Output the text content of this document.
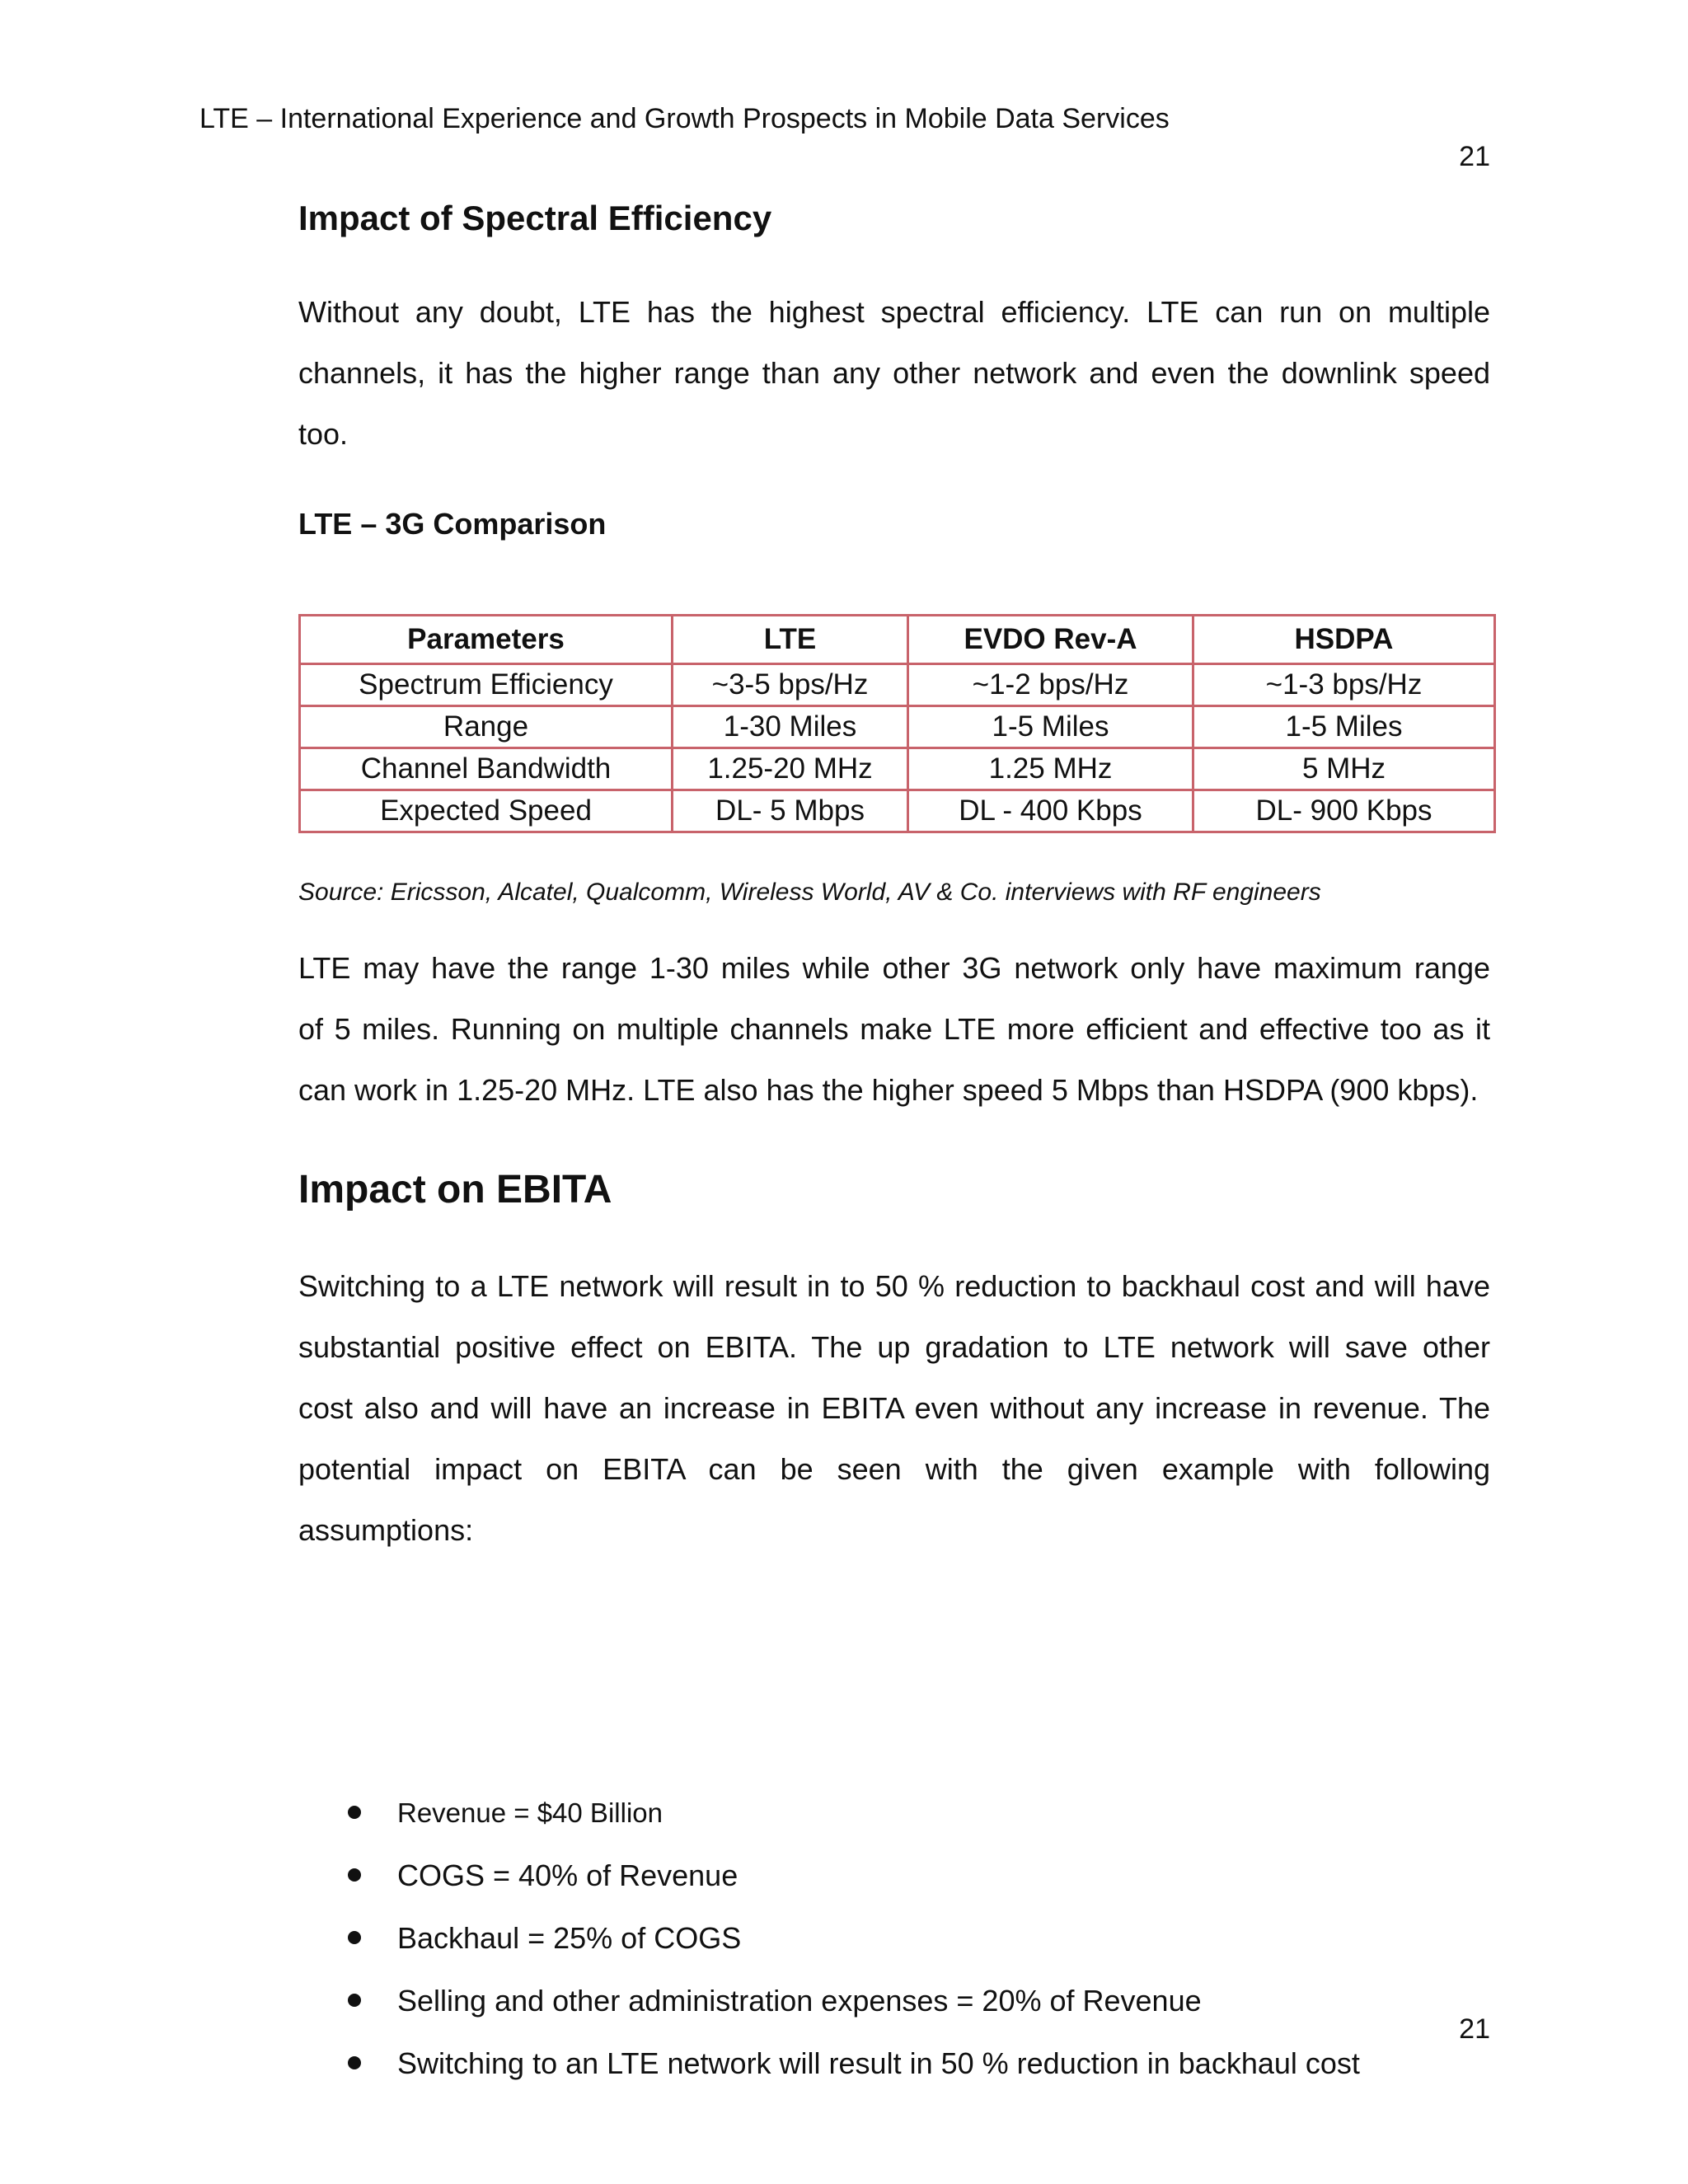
LTE – International Experience and Growth Prospects in Mobile Data Services
21
Impact of Spectral Efficiency
Without any doubt, LTE has the highest spectral efficiency. LTE can run on multiple
channels, it has the higher range than any other network and even the downlink speed
too.
LTE – 3G Comparison
Parameters	LTE	EVDO Rev-A	HSDPA
Spectrum Efficiency	~3-5 bps/Hz	~1-2 bps/Hz	~1-3 bps/Hz
Range	1-30 Miles	1-5 Miles	1-5 Miles
Channel Bandwidth	1.25-20 MHz	1.25 MHz	5 MHz
Expected Speed	DL- 5 Mbps	DL - 400 Kbps	DL- 900 Kbps
Source: Ericsson, Alcatel, Qualcomm, Wireless World, AV & Co. interviews with RF engineers
LTE may have the range 1-30 miles while other 3G network only have maximum range
of 5 miles. Running on multiple channels make LTE more efficient and effective too as it
can work in 1.25-20 MHz. LTE also has the higher speed 5 Mbps than HSDPA (900 kbps).
Impact on EBITA
Switching to a LTE network will result in to 50 % reduction to backhaul cost and will have
substantial positive effect on EBITA. The up gradation to LTE network will save other
cost also and will have an increase in EBITA even without any increase in revenue. The
potential impact on EBITA can be seen with the given example with following
assumptions:
Revenue = $40 Billion
COGS = 40% of Revenue
Backhaul = 25% of COGS
Selling and other administration expenses = 20% of Revenue
Switching to an LTE network will result in 50 % reduction in backhaul cost
21
